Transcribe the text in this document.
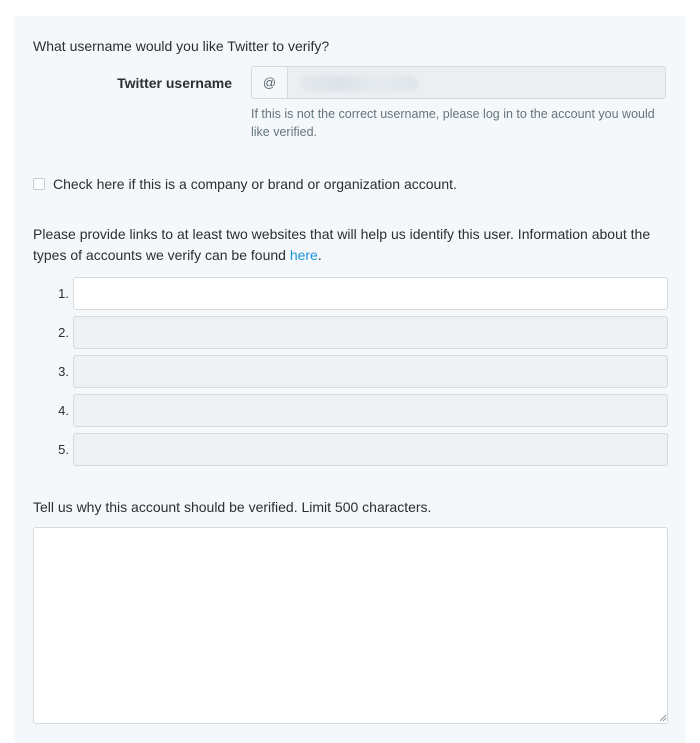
What username would you like Twitter to verify?
Twitter username	@
If this is not the correct username, please log in to the account you would like verified.
Check here if this is a company or brand or organization account.
Please provide links to at least two websites that will help us identify this user. Information about the types of accounts we verify can be found here.
1.
2.
3.
4.
5.
Tell us why this account should be verified. Limit 500 characters.
